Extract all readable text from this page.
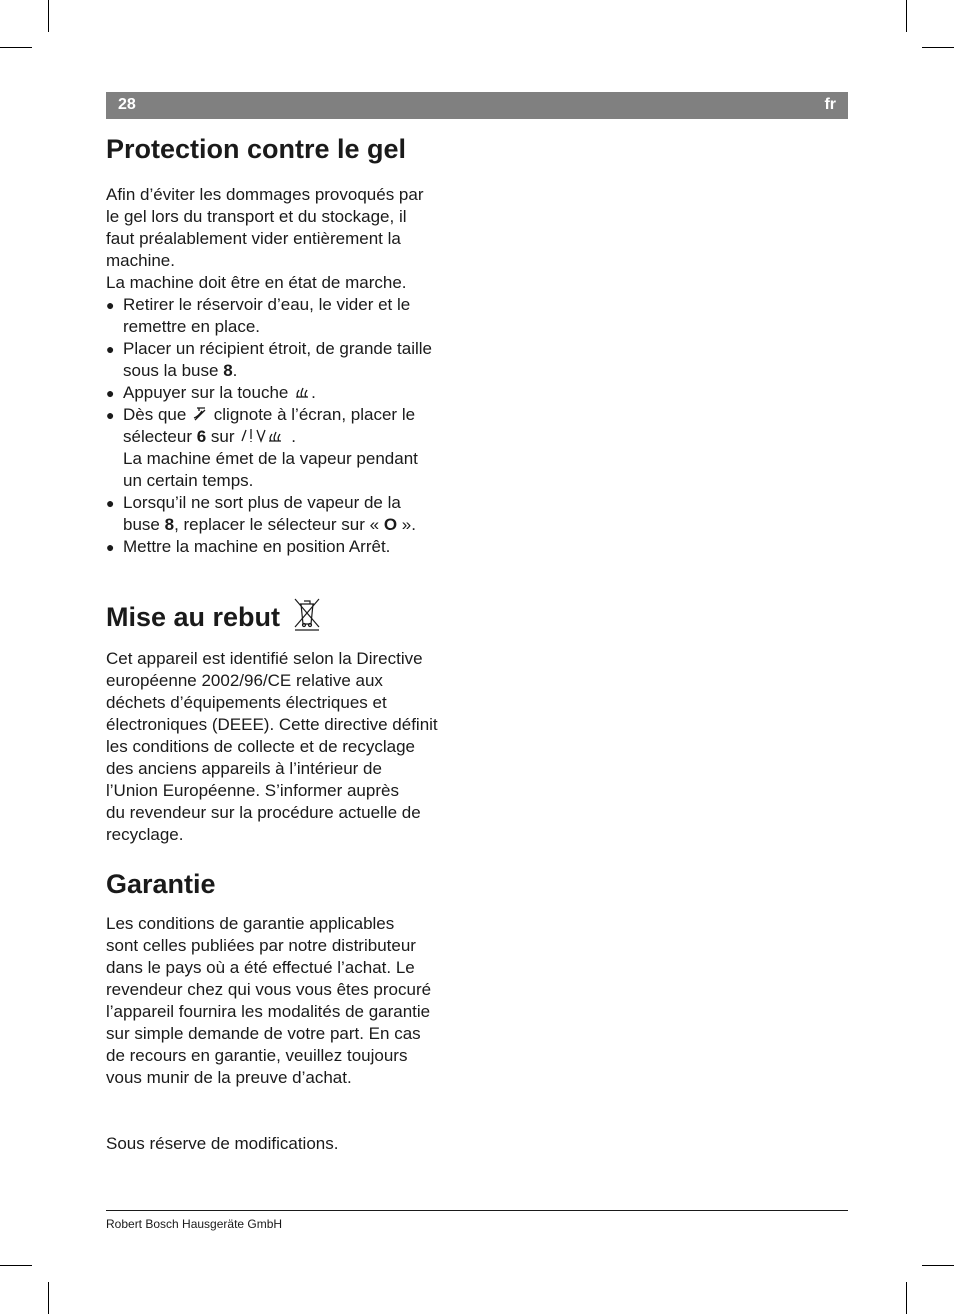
28	fr
Protection contre le gel

Afin d’éviter les dommages provoqués par

le gel lors du transport et du stockage, il

faut préalablement vider entièrement la

machine.

La machine doit être en état de marche.

● Retirer le réservoir d’eau, le vider et le
remettre en place.
● Placer un récipient étroit, de grande taille
sous la buse 8.
● Appuyer sur la touche .
● Dès que  clignote à l’écran, placer le
sélecteur 6 sur	.
La machine émet de la vapeur pendant
un certain temps.
● Lorsqu’il ne sort plus de vapeur de la
buse 8, replacer le sélecteur sur « O ».
● Mettre la machine en position Arrêt.
Mise au rebut

Cet appareil est identifié selon la Directive

européenne 2002/96/CE relative aux

déchets d’équipements électriques et

électroniques (DEEE). Cette directive définit

les conditions de collecte et de recyclage

des anciens appareils à l’intérieur de

l’Union Européenne. S’informer auprès

du revendeur sur la procédure actuelle de

recyclage.

Garantie

Les conditions de garantie applicables

sont celles publiées par notre distributeur

dans le pays où a été effectué l’achat. Le

revendeur chez qui vous vous êtes procuré

l’appareil fournira les modalités de garantie

sur simple demande de votre part. En cas

de recours en garantie, veuillez toujours

vous munir de la preuve d’achat.

Sous réserve de modifications.

Robert Bosch Hausgeräte GmbH
